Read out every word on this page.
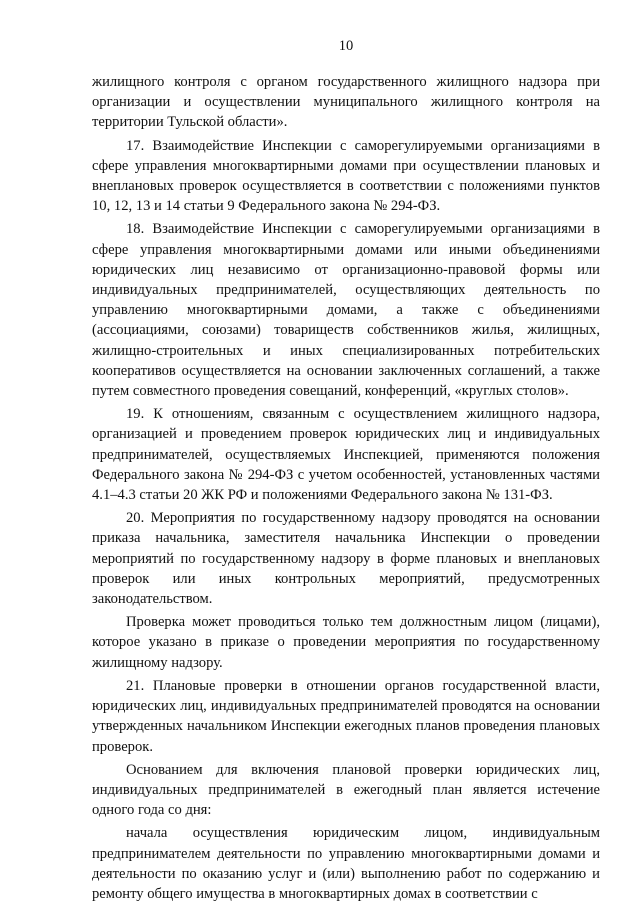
10

жилищного контроля с органом государственного жилищного надзора при организации и осуществлении муниципального жилищного контроля на территории Тульской области».

17. Взаимодействие Инспекции с саморегулируемыми организациями в сфере управления многоквартирными домами при осуществлении плановых и внеплановых проверок осуществляется в соответствии с положениями пунктов 10, 12, 13 и 14 статьи 9 Федерального закона № 294-ФЗ.

18. Взаимодействие Инспекции с саморегулируемыми организациями в сфере управления многоквартирными домами или иными объединениями юридических лиц независимо от организационно-правовой формы или индивидуальных предпринимателей, осуществляющих деятельность по управлению многоквартирными домами, а также с объединениями (ассоциациями, союзами) товариществ собственников жилья, жилищных, жилищно-строительных и иных специализированных потребительских кооперативов осуществляется на основании заключенных соглашений, а также путем совместного проведения совещаний, конференций, «круглых столов».

19. К отношениям, связанным с осуществлением жилищного надзора, организацией и проведением проверок юридических лиц и индивидуальных предпринимателей, осуществляемых Инспекцией, применяются положения Федерального закона № 294-ФЗ с учетом особенностей, установленных частями 4.1–4.3 статьи 20 ЖК РФ и положениями Федерального закона № 131-ФЗ.

20. Мероприятия по государственному надзору проводятся на основании приказа начальника, заместителя начальника Инспекции о проведении мероприятий по государственному надзору в форме плановых и внеплановых проверок или иных контрольных мероприятий, предусмотренных законодательством.

Проверка может проводиться только тем должностным лицом (лицами), которое указано в приказе о проведении мероприятия по государственному жилищному надзору.

21. Плановые проверки в отношении органов государственной власти, юридических лиц, индивидуальных предпринимателей проводятся на основании утвержденных начальником Инспекции ежегодных планов проведения плановых проверок.

Основанием для включения плановой проверки юридических лиц, индивидуальных предпринимателей в ежегодный план является истечение одного года со дня:

начала осуществления юридическим лицом, индивидуальным предпринимателем деятельности по управлению многоквартирными домами и деятельности по оказанию услуг и (или) выполнению работ по содержанию и ремонту общего имущества в многоквартирных домах в соответствии с
